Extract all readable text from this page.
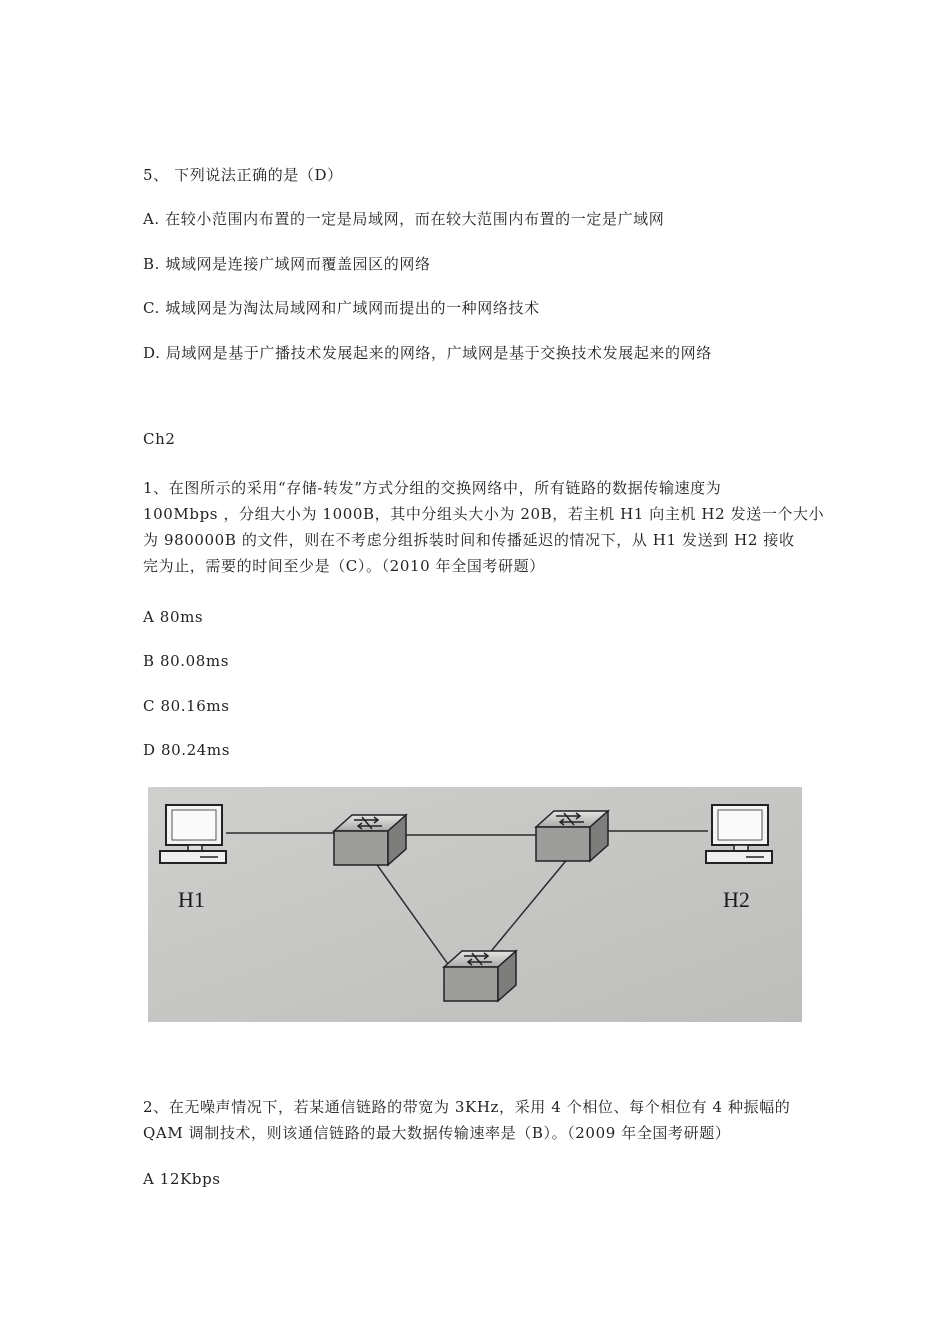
5、 下列说法正确的是（D）
A. 在较小范围内布置的一定是局域网，而在较大范围内布置的一定是广域网
B. 城域网是连接广域网而覆盖园区的网络
C. 城域网是为淘汰局域网和广域网而提出的一种网络技术
D. 局域网是基于广播技术发展起来的网络，广域网是基于交换技术发展起来的网络
Ch2
1、在图所示的采用“存储-转发”方式分组的交换网络中，所有链路的数据传输速度为
100Mbps ，分组大小为 1000B，其中分组头大小为 20B，若主机 H1 向主机 H2 发送一个大小
为 980000B 的文件，则在不考虑分组拆装时间和传播延迟的情况下，从 H1 发送到 H2 接收
完为止，需要的时间至少是（C）。（2010 年全国考研题）
A 80ms
B 80.08ms
C 80.16ms
D 80.24ms
H1	H2
2、在无噪声情况下，若某通信链路的带宽为 3KHz，采用 4 个相位、每个相位有 4 种振幅的
QAM 调制技术，则该通信链路的最大数据传输速率是（B）。（2009 年全国考研题）
A 12Kbps
